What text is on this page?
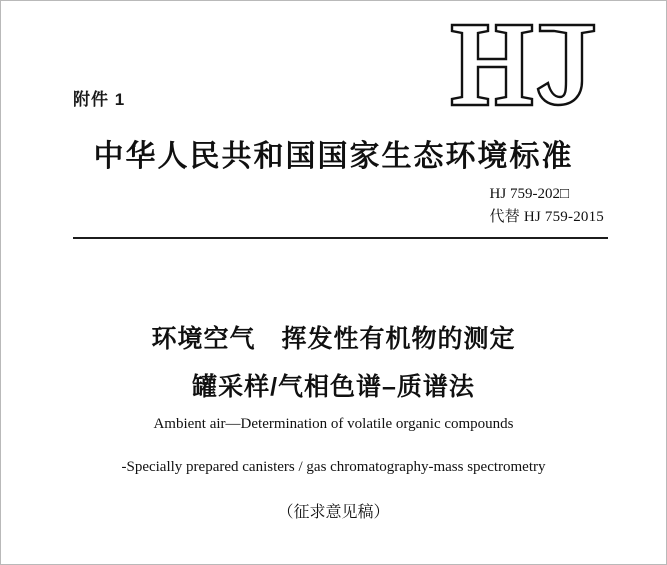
附件 1
中华人民共和国国家生态环境标准
HJ 759-202□
代替 HJ 759-2015
环境空气　挥发性有机物的测定
罐采样/气相色谱–质谱法
Ambient air—Determination of volatile organic compounds
-Specially prepared canisters / gas chromatography-mass spectrometry
（征求意见稿）
